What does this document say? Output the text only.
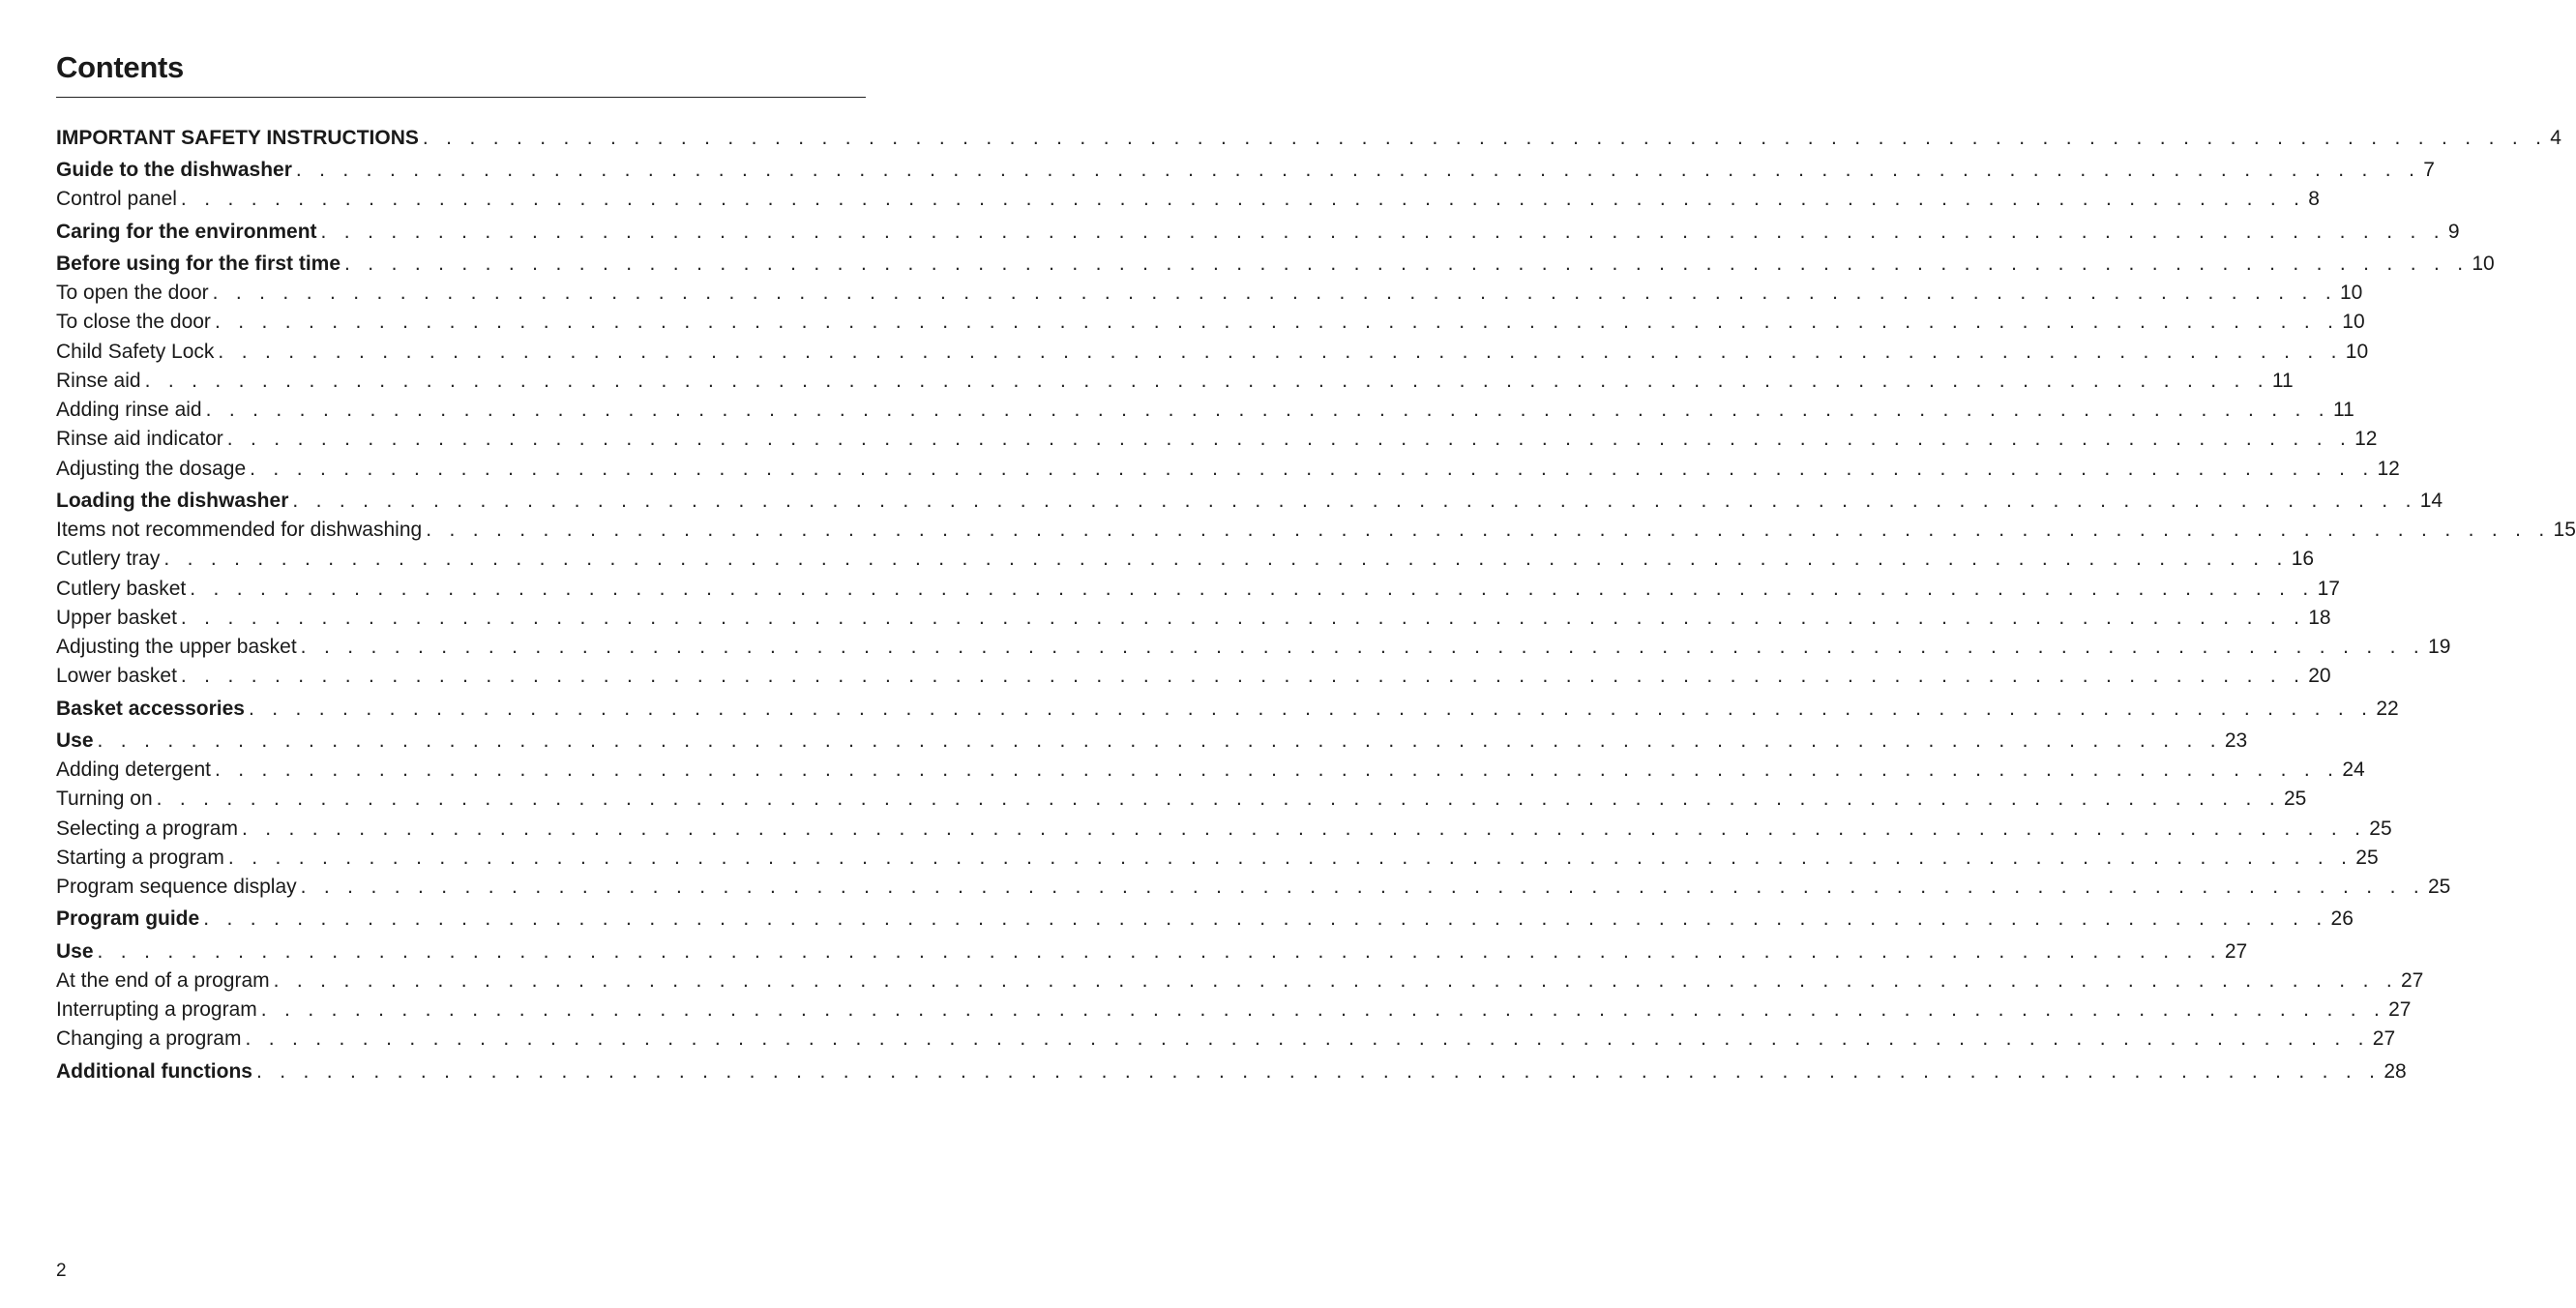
Contents
IMPORTANT SAFETY INSTRUCTIONS . . . . . . . . . . . . . . . . . . . . . . . . . . . . . . . . . . . . . . . . . . . . . . . . . . . . . . . . . . . . . . . . . . . . . . . . . . . . . . . . . . . . . . . . . . . 4
Guide to the dishwasher . . . . . . . . . . . . . . . . . . . . . . . . . . . . . . . . . . . . . . . . . . . . . . . . . . . . . . . . . . . . . . . . . . . . . . . . . . . . . . . . . . . . . . . . . . . 7
Control panel . . . . . . . . . . . . . . . . . . . . . . . . . . . . . . . . . . . . . . . . . . . . . . . . . . . . . . . . . . . . . . . . . . . . . . . . . . . . . . . . . . . . . . . . . . . 8
Caring for the environment . . . . . . . . . . . . . . . . . . . . . . . . . . . . . . . . . . . . . . . . . . . . . . . . . . . . . . . . . . . . . . . . . . . . . . . . . . . . . . . . . . . . . . . . . . . 9
Before using for the first time . . . . . . . . . . . . . . . . . . . . . . . . . . . . . . . . . . . . . . . . . . . . . . . . . . . . . . . . . . . . . . . . . . . . . . . . . . . . . . . . . . . . . . . . . . . 10
To open the door . . . . . . . . . . . . . . . . . . . . . . . . . . . . . . . . . . . . . . . . . . . . . . . . . . . . . . . . . . . . . . . . . . . . . . . . . . . . . . . . . . . . . . . . . . . 10
To close the door . . . . . . . . . . . . . . . . . . . . . . . . . . . . . . . . . . . . . . . . . . . . . . . . . . . . . . . . . . . . . . . . . . . . . . . . . . . . . . . . . . . . . . . . . . . 10
Child Safety Lock . . . . . . . . . . . . . . . . . . . . . . . . . . . . . . . . . . . . . . . . . . . . . . . . . . . . . . . . . . . . . . . . . . . . . . . . . . . . . . . . . . . . . . . . . . . 10
Rinse aid . . . . . . . . . . . . . . . . . . . . . . . . . . . . . . . . . . . . . . . . . . . . . . . . . . . . . . . . . . . . . . . . . . . . . . . . . . . . . . . . . . . . . . . . . . . 11
Adding rinse aid . . . . . . . . . . . . . . . . . . . . . . . . . . . . . . . . . . . . . . . . . . . . . . . . . . . . . . . . . . . . . . . . . . . . . . . . . . . . . . . . . . . . . . . . . . . 11
Rinse aid indicator . . . . . . . . . . . . . . . . . . . . . . . . . . . . . . . . . . . . . . . . . . . . . . . . . . . . . . . . . . . . . . . . . . . . . . . . . . . . . . . . . . . . . . . . . . . 12
Adjusting the dosage . . . . . . . . . . . . . . . . . . . . . . . . . . . . . . . . . . . . . . . . . . . . . . . . . . . . . . . . . . . . . . . . . . . . . . . . . . . . . . . . . . . . . . . . . . . 12
Loading the dishwasher . . . . . . . . . . . . . . . . . . . . . . . . . . . . . . . . . . . . . . . . . . . . . . . . . . . . . . . . . . . . . . . . . . . . . . . . . . . . . . . . . . . . . . . . . . . 14
Items not recommended for dishwashing . . . . . . . . . . . . . . . . . . . . . . . . . . . . . . . . . . . . . . . . . . . . . . . . . . . . . . . . . . . . . . . . . . . . . . . . . . . . . . . . . . . . . . . . . . . 15
Cutlery tray . . . . . . . . . . . . . . . . . . . . . . . . . . . . . . . . . . . . . . . . . . . . . . . . . . . . . . . . . . . . . . . . . . . . . . . . . . . . . . . . . . . . . . . . . . . 16
Cutlery basket . . . . . . . . . . . . . . . . . . . . . . . . . . . . . . . . . . . . . . . . . . . . . . . . . . . . . . . . . . . . . . . . . . . . . . . . . . . . . . . . . . . . . . . . . . . 17
Upper basket . . . . . . . . . . . . . . . . . . . . . . . . . . . . . . . . . . . . . . . . . . . . . . . . . . . . . . . . . . . . . . . . . . . . . . . . . . . . . . . . . . . . . . . . . . . 18
Adjusting the upper basket . . . . . . . . . . . . . . . . . . . . . . . . . . . . . . . . . . . . . . . . . . . . . . . . . . . . . . . . . . . . . . . . . . . . . . . . . . . . . . . . . . . . . . . . . . . 19
Lower basket . . . . . . . . . . . . . . . . . . . . . . . . . . . . . . . . . . . . . . . . . . . . . . . . . . . . . . . . . . . . . . . . . . . . . . . . . . . . . . . . . . . . . . . . . . . 20
Basket accessories . . . . . . . . . . . . . . . . . . . . . . . . . . . . . . . . . . . . . . . . . . . . . . . . . . . . . . . . . . . . . . . . . . . . . . . . . . . . . . . . . . . . . . . . . . . 22
Use . . . . . . . . . . . . . . . . . . . . . . . . . . . . . . . . . . . . . . . . . . . . . . . . . . . . . . . . . . . . . . . . . . . . . . . . . . . . . . . . . . . . . . . . . . . 23
Adding detergent . . . . . . . . . . . . . . . . . . . . . . . . . . . . . . . . . . . . . . . . . . . . . . . . . . . . . . . . . . . . . . . . . . . . . . . . . . . . . . . . . . . . . . . . . . . 24
Turning on . . . . . . . . . . . . . . . . . . . . . . . . . . . . . . . . . . . . . . . . . . . . . . . . . . . . . . . . . . . . . . . . . . . . . . . . . . . . . . . . . . . . . . . . . . . 25
Selecting a program . . . . . . . . . . . . . . . . . . . . . . . . . . . . . . . . . . . . . . . . . . . . . . . . . . . . . . . . . . . . . . . . . . . . . . . . . . . . . . . . . . . . . . . . . . . 25
Starting a program . . . . . . . . . . . . . . . . . . . . . . . . . . . . . . . . . . . . . . . . . . . . . . . . . . . . . . . . . . . . . . . . . . . . . . . . . . . . . . . . . . . . . . . . . . . 25
Program sequence display . . . . . . . . . . . . . . . . . . . . . . . . . . . . . . . . . . . . . . . . . . . . . . . . . . . . . . . . . . . . . . . . . . . . . . . . . . . . . . . . . . . . . . . . . . . 25
Program guide . . . . . . . . . . . . . . . . . . . . . . . . . . . . . . . . . . . . . . . . . . . . . . . . . . . . . . . . . . . . . . . . . . . . . . . . . . . . . . . . . . . . . . . . . . . 26
Use . . . . . . . . . . . . . . . . . . . . . . . . . . . . . . . . . . . . . . . . . . . . . . . . . . . . . . . . . . . . . . . . . . . . . . . . . . . . . . . . . . . . . . . . . . . 27
At the end of a program . . . . . . . . . . . . . . . . . . . . . . . . . . . . . . . . . . . . . . . . . . . . . . . . . . . . . . . . . . . . . . . . . . . . . . . . . . . . . . . . . . . . . . . . . . . 27
Interrupting a program . . . . . . . . . . . . . . . . . . . . . . . . . . . . . . . . . . . . . . . . . . . . . . . . . . . . . . . . . . . . . . . . . . . . . . . . . . . . . . . . . . . . . . . . . . . 27
Changing a program . . . . . . . . . . . . . . . . . . . . . . . . . . . . . . . . . . . . . . . . . . . . . . . . . . . . . . . . . . . . . . . . . . . . . . . . . . . . . . . . . . . . . . . . . . . 27
Additional functions . . . . . . . . . . . . . . . . . . . . . . . . . . . . . . . . . . . . . . . . . . . . . . . . . . . . . . . . . . . . . . . . . . . . . . . . . . . . . . . . . . . . . . . . . . . 28
2
